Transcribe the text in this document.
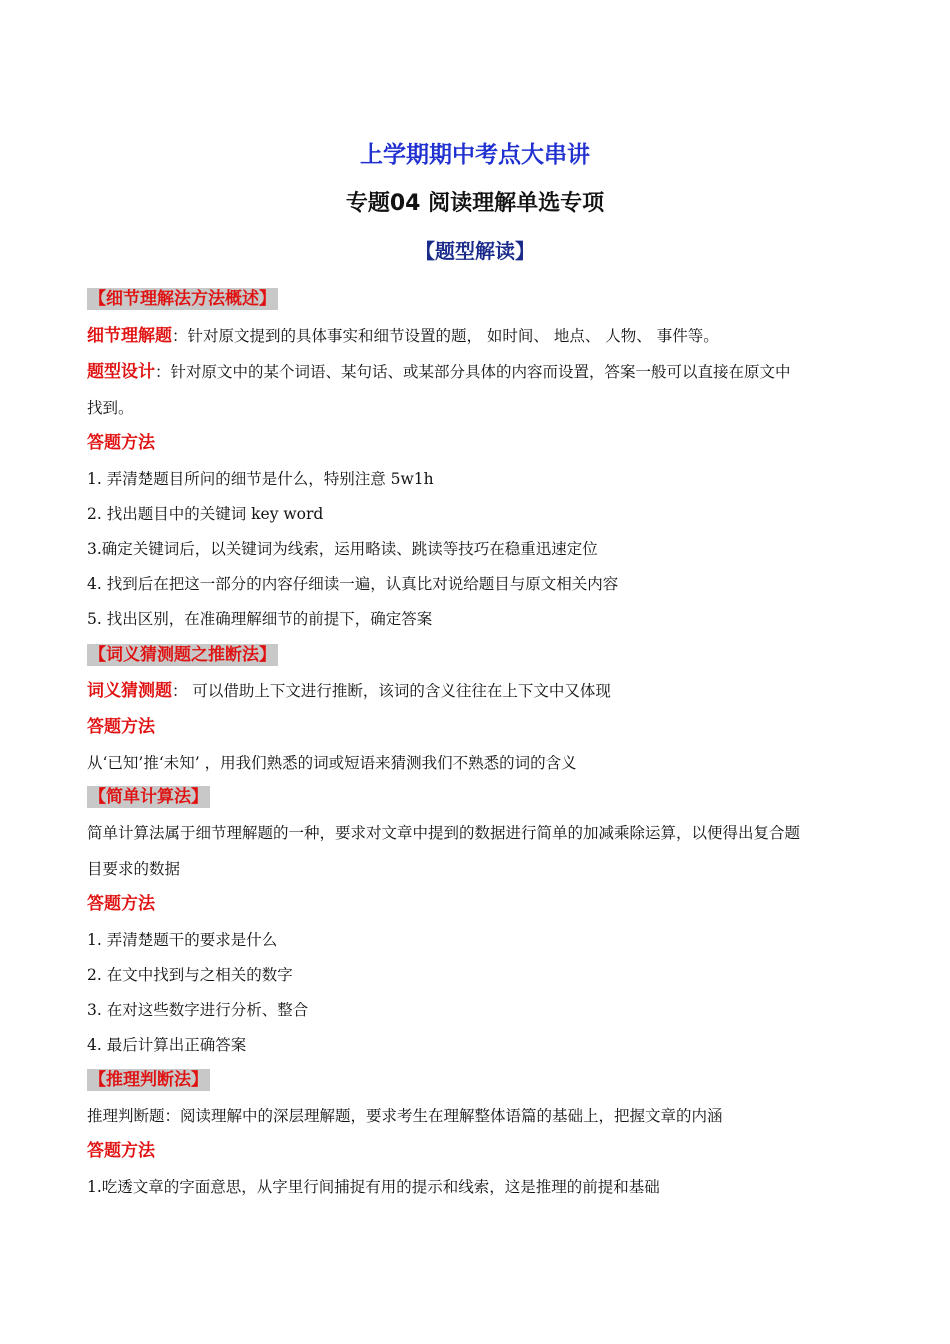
上学期期中考点大串讲
专题04 阅读理解单选专项
【题型解读】
【细节理解法方法概述】
细节理解题：针对原文提到的具体事实和细节设置的题， 如时间、 地点、 人物、 事件等。
题型设计：针对原文中的某个词语、某句话、或某部分具体的内容而设置，答案一般可以直接在原文中
找到。
答题方法
1. 弄清楚题目所问的细节是什么，特别注意 5w1h
2. 找出题目中的关键词 key word
3.确定关键词后，以关键词为线索，运用略读、跳读等技巧在稳重迅速定位
4. 找到后在把这一部分的内容仔细读一遍，认真比对说给题目与原文相关内容
5. 找出区别，在准确理解细节的前提下，确定答案
【词义猜测题之推断法】
词义猜测题： 可以借助上下文进行推断，该词的含义往往在上下文中又体现
答题方法
从‘已知’推‘未知’ ，用我们熟悉的词或短语来猜测我们不熟悉的词的含义
【简单计算法】
简单计算法属于细节理解题的一种，要求对文章中提到的数据进行简单的加减乘除运算，以便得出复合题
目要求的数据
答题方法
1. 弄清楚题干的要求是什么
2. 在文中找到与之相关的数字
3. 在对这些数字进行分析、整合
4. 最后计算出正确答案
【推理判断法】
推理判断题：阅读理解中的深层理解题，要求考生在理解整体语篇的基础上，把握文章的内涵
答题方法
1.吃透文章的字面意思，从字里行间捕捉有用的提示和线索，这是推理的前提和基础
